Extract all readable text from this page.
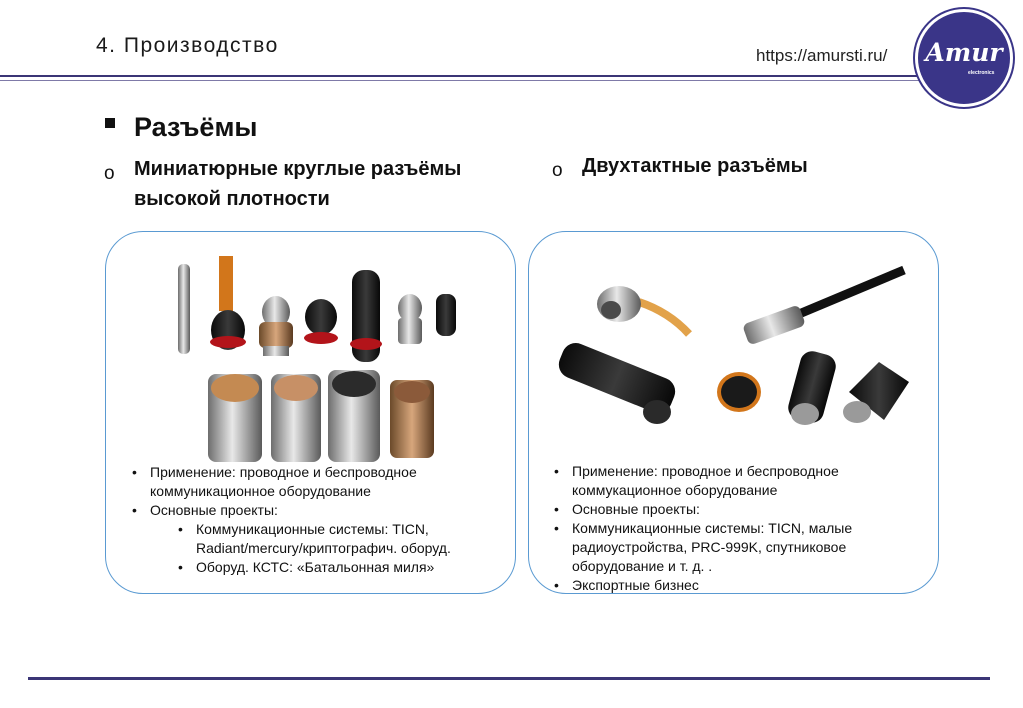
4. Производство	https://amursti.ru/ Amur
electronics
Разъёмы
o Миниатюрные круглые разъёмы высокой плотности
o Двухтактные разъёмы
• Применение: проводное и беспроводное коммуникационное оборудование
• Основные проекты:
• Коммуникационные системы: TICN, Radiant/mercury/криптографич. оборуд.
• Оборуд. КСТС: «Батальонная миля»
• Применение: проводное и беспроводное коммукационное оборудование
• Основные проекты:
• Коммуникационные системы: TICN, малые радиоустройства, PRC-999K, спутниковое оборудование и т. д. .
• Экспортные бизнес
